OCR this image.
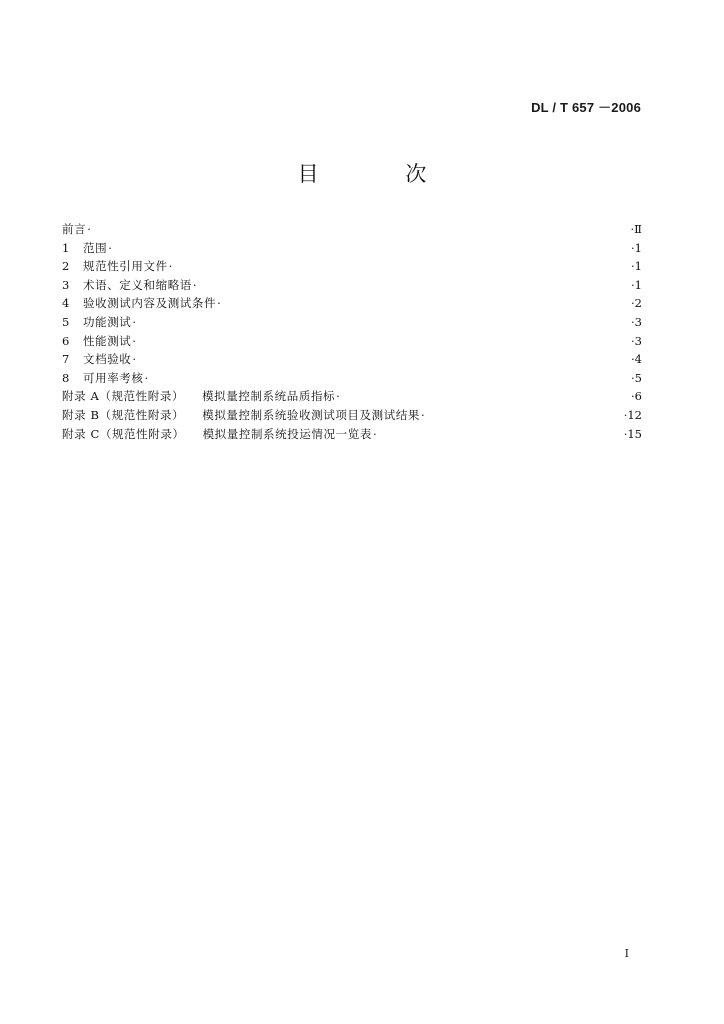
DL / T 657 －2006
目 次
前言 ·	· Ⅱ
1	范围 ·	· 1
2	规范性引用文件 ·	· 1
3	术语、定义和缩略语 ·	· 1
4	验收测试内容及测试条件 ·	· 2
5	功能测试 ·	· 3
6	性能测试 ·	· 3
7	文档验收 ·	· 4
8	可用率考核 ·	· 5
附录 A（规范性附录） 模拟量控制系统品质指标 ·	· 6
附录 B（规范性附录） 模拟量控制系统验收测试项目及测试结果 ·	· 12
附录 C（规范性附录） 模拟量控制系统投运情况一览表 ·	· 15
I
